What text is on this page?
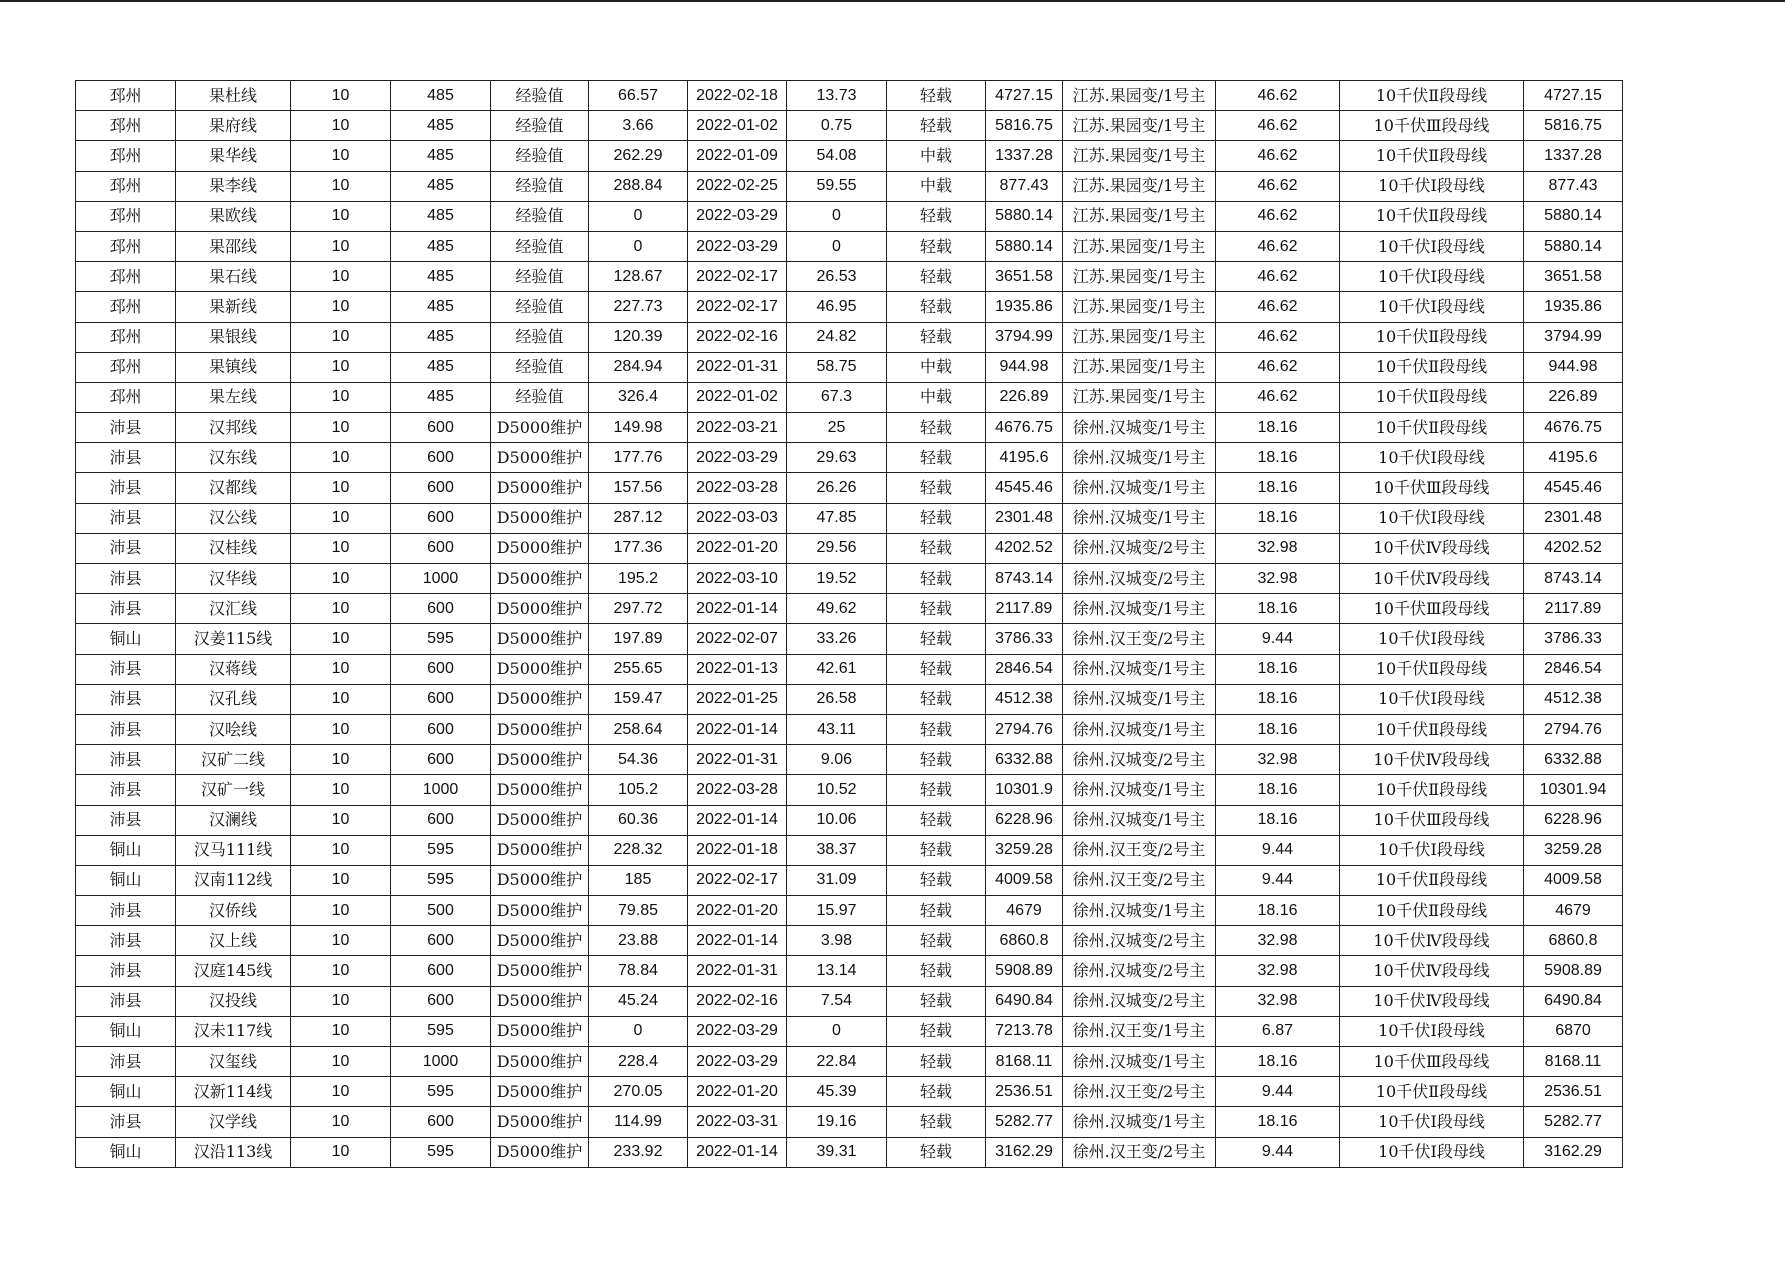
邳州	果杜线	10	485	经验值	66.57	2022-02-18	13.73	轻载	4727.15	江苏.果园变/1号主	46.62	10千伏Ⅱ段母线	4727.15
邳州	果府线	10	485	经验值	3.66	2022-01-02	0.75	轻载	5816.75	江苏.果园变/1号主	46.62	10千伏Ⅲ段母线	5816.75
邳州	果华线	10	485	经验值	262.29	2022-01-09	54.08	中载	1337.28	江苏.果园变/1号主	46.62	10千伏Ⅱ段母线	1337.28
邳州	果李线	10	485	经验值	288.84	2022-02-25	59.55	中载	877.43	江苏.果园变/1号主	46.62	10千伏Ⅰ段母线	877.43
邳州	果欧线	10	485	经验值	0	2022-03-29	0	轻载	5880.14	江苏.果园变/1号主	46.62	10千伏Ⅱ段母线	5880.14
邳州	果邵线	10	485	经验值	0	2022-03-29	0	轻载	5880.14	江苏.果园变/1号主	46.62	10千伏Ⅰ段母线	5880.14
邳州	果石线	10	485	经验值	128.67	2022-02-17	26.53	轻载	3651.58	江苏.果园变/1号主	46.62	10千伏Ⅰ段母线	3651.58
邳州	果新线	10	485	经验值	227.73	2022-02-17	46.95	轻载	1935.86	江苏.果园变/1号主	46.62	10千伏Ⅰ段母线	1935.86
邳州	果银线	10	485	经验值	120.39	2022-02-16	24.82	轻载	3794.99	江苏.果园变/1号主	46.62	10千伏Ⅱ段母线	3794.99
邳州	果镇线	10	485	经验值	284.94	2022-01-31	58.75	中载	944.98	江苏.果园变/1号主	46.62	10千伏Ⅱ段母线	944.98
邳州	果左线	10	485	经验值	326.4	2022-01-02	67.3	中载	226.89	江苏.果园变/1号主	46.62	10千伏Ⅱ段母线	226.89
沛县	汉邦线	10	600	D5000维护	149.98	2022-03-21	25	轻载	4676.75	徐州.汉城变/1号主	18.16	10千伏Ⅱ段母线	4676.75
沛县	汉东线	10	600	D5000维护	177.76	2022-03-29	29.63	轻载	4195.6	徐州.汉城变/1号主	18.16	10千伏Ⅰ段母线	4195.6
沛县	汉都线	10	600	D5000维护	157.56	2022-03-28	26.26	轻载	4545.46	徐州.汉城变/1号主	18.16	10千伏Ⅲ段母线	4545.46
沛县	汉公线	10	600	D5000维护	287.12	2022-03-03	47.85	轻载	2301.48	徐州.汉城变/1号主	18.16	10千伏Ⅰ段母线	2301.48
沛县	汉桂线	10	600	D5000维护	177.36	2022-01-20	29.56	轻载	4202.52	徐州.汉城变/2号主	32.98	10千伏Ⅳ段母线	4202.52
沛县	汉华线	10	1000	D5000维护	195.2	2022-03-10	19.52	轻载	8743.14	徐州.汉城变/2号主	32.98	10千伏Ⅳ段母线	8743.14
沛县	汉汇线	10	600	D5000维护	297.72	2022-01-14	49.62	轻载	2117.89	徐州.汉城变/1号主	18.16	10千伏Ⅲ段母线	2117.89
铜山	汉姜115线	10	595	D5000维护	197.89	2022-02-07	33.26	轻载	3786.33	徐州.汉王变/2号主	9.44	10千伏Ⅰ段母线	3786.33
沛县	汉蒋线	10	600	D5000维护	255.65	2022-01-13	42.61	轻载	2846.54	徐州.汉城变/1号主	18.16	10千伏Ⅱ段母线	2846.54
沛县	汉孔线	10	600	D5000维护	159.47	2022-01-25	26.58	轻载	4512.38	徐州.汉城变/1号主	18.16	10千伏Ⅰ段母线	4512.38
沛县	汉哙线	10	600	D5000维护	258.64	2022-01-14	43.11	轻载	2794.76	徐州.汉城变/1号主	18.16	10千伏Ⅱ段母线	2794.76
沛县	汉矿二线	10	600	D5000维护	54.36	2022-01-31	9.06	轻载	6332.88	徐州.汉城变/2号主	32.98	10千伏Ⅳ段母线	6332.88
沛县	汉矿一线	10	1000	D5000维护	105.2	2022-03-28	10.52	轻载	10301.9	徐州.汉城变/1号主	18.16	10千伏Ⅱ段母线	10301.94
沛县	汉澜线	10	600	D5000维护	60.36	2022-01-14	10.06	轻载	6228.96	徐州.汉城变/1号主	18.16	10千伏Ⅲ段母线	6228.96
铜山	汉马111线	10	595	D5000维护	228.32	2022-01-18	38.37	轻载	3259.28	徐州.汉王变/2号主	9.44	10千伏Ⅰ段母线	3259.28
铜山	汉南112线	10	595	D5000维护	185	2022-02-17	31.09	轻载	4009.58	徐州.汉王变/2号主	9.44	10千伏Ⅱ段母线	4009.58
沛县	汉侨线	10	500	D5000维护	79.85	2022-01-20	15.97	轻载	4679	徐州.汉城变/1号主	18.16	10千伏Ⅱ段母线	4679
沛县	汉上线	10	600	D5000维护	23.88	2022-01-14	3.98	轻载	6860.8	徐州.汉城变/2号主	32.98	10千伏Ⅳ段母线	6860.8
沛县	汉庭145线	10	600	D5000维护	78.84	2022-01-31	13.14	轻载	5908.89	徐州.汉城变/2号主	32.98	10千伏Ⅳ段母线	5908.89
沛县	汉投线	10	600	D5000维护	45.24	2022-02-16	7.54	轻载	6490.84	徐州.汉城变/2号主	32.98	10千伏Ⅳ段母线	6490.84
铜山	汉未117线	10	595	D5000维护	0	2022-03-29	0	轻载	7213.78	徐州.汉王变/1号主	6.87	10千伏Ⅰ段母线	6870
沛县	汉玺线	10	1000	D5000维护	228.4	2022-03-29	22.84	轻载	8168.11	徐州.汉城变/1号主	18.16	10千伏Ⅲ段母线	8168.11
铜山	汉新114线	10	595	D5000维护	270.05	2022-01-20	45.39	轻载	2536.51	徐州.汉王变/2号主	9.44	10千伏Ⅱ段母线	2536.51
沛县	汉学线	10	600	D5000维护	114.99	2022-03-31	19.16	轻载	5282.77	徐州.汉城变/1号主	18.16	10千伏Ⅰ段母线	5282.77
铜山	汉沿113线	10	595	D5000维护	233.92	2022-01-14	39.31	轻载	3162.29	徐州.汉王变/2号主	9.44	10千伏Ⅰ段母线	3162.29
